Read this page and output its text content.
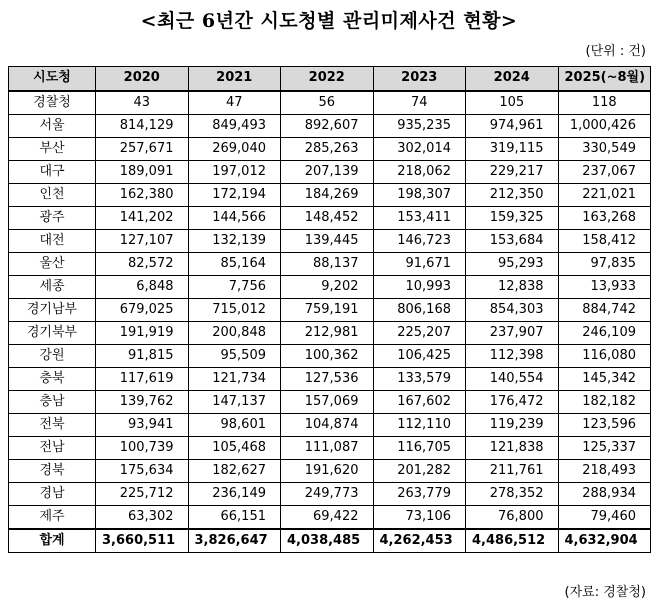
<최근 6년간 시도청별 관리미제사건 현황>
(단위 : 건)
시도청	2020	2021	2022	2023	2024	2025(~8월)
경찰청	43	47	56	74	105	118
서울	814,129	849,493	892,607	935,235	974,961	1,000,426
부산	257,671	269,040	285,263	302,014	319,115	330,549
대구	189,091	197,012	207,139	218,062	229,217	237,067
인천	162,380	172,194	184,269	198,307	212,350	221,021
광주	141,202	144,566	148,452	153,411	159,325	163,268
대전	127,107	132,139	139,445	146,723	153,684	158,412
울산	82,572	85,164	88,137	91,671	95,293	97,835
세종	6,848	7,756	9,202	10,993	12,838	13,933
경기남부	679,025	715,012	759,191	806,168	854,303	884,742
경기북부	191,919	200,848	212,981	225,207	237,907	246,109
강원	91,815	95,509	100,362	106,425	112,398	116,080
충북	117,619	121,734	127,536	133,579	140,554	145,342
충남	139,762	147,137	157,069	167,602	176,472	182,182
전북	93,941	98,601	104,874	112,110	119,239	123,596
전남	100,739	105,468	111,087	116,705	121,838	125,337
경북	175,634	182,627	191,620	201,282	211,761	218,493
경남	225,712	236,149	249,773	263,779	278,352	288,934
제주	63,302	66,151	69,422	73,106	76,800	79,460
합계	3,660,511	3,826,647	4,038,485	4,262,453	4,486,512	4,632,904
(자료: 경찰청)
